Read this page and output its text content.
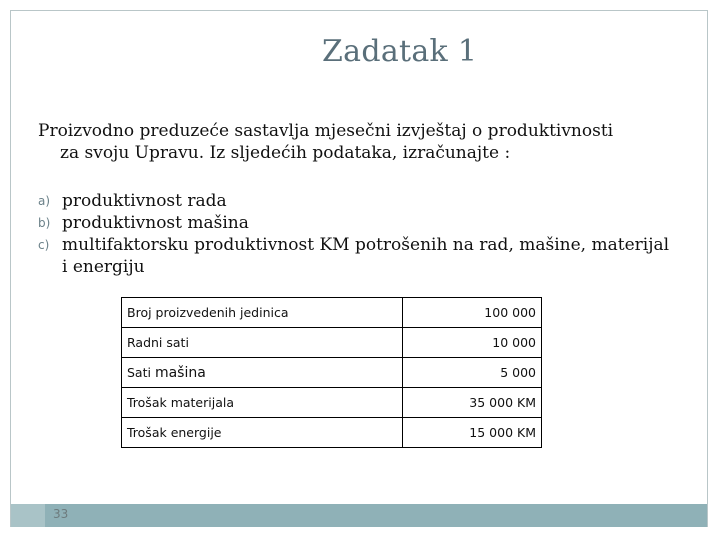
Zadatak 1

Proizvodno preduzeće sastavlja mjesečni izvještaj o produktivnosti
za svoju Upravu. Iz sljedećih podataka, izračunajte :

a) produktivnost rada
b) produktivnost mašina
c) multifaktorsku produktivnost KM potrošenih na rad, mašine, materijal i energiju
Broj proizvedenih jedinica	100 000
Radni sati	10 000
Sati mašina	5 000
Trošak materijala	35 000 KM
Trošak energije	15 000 KM
33
